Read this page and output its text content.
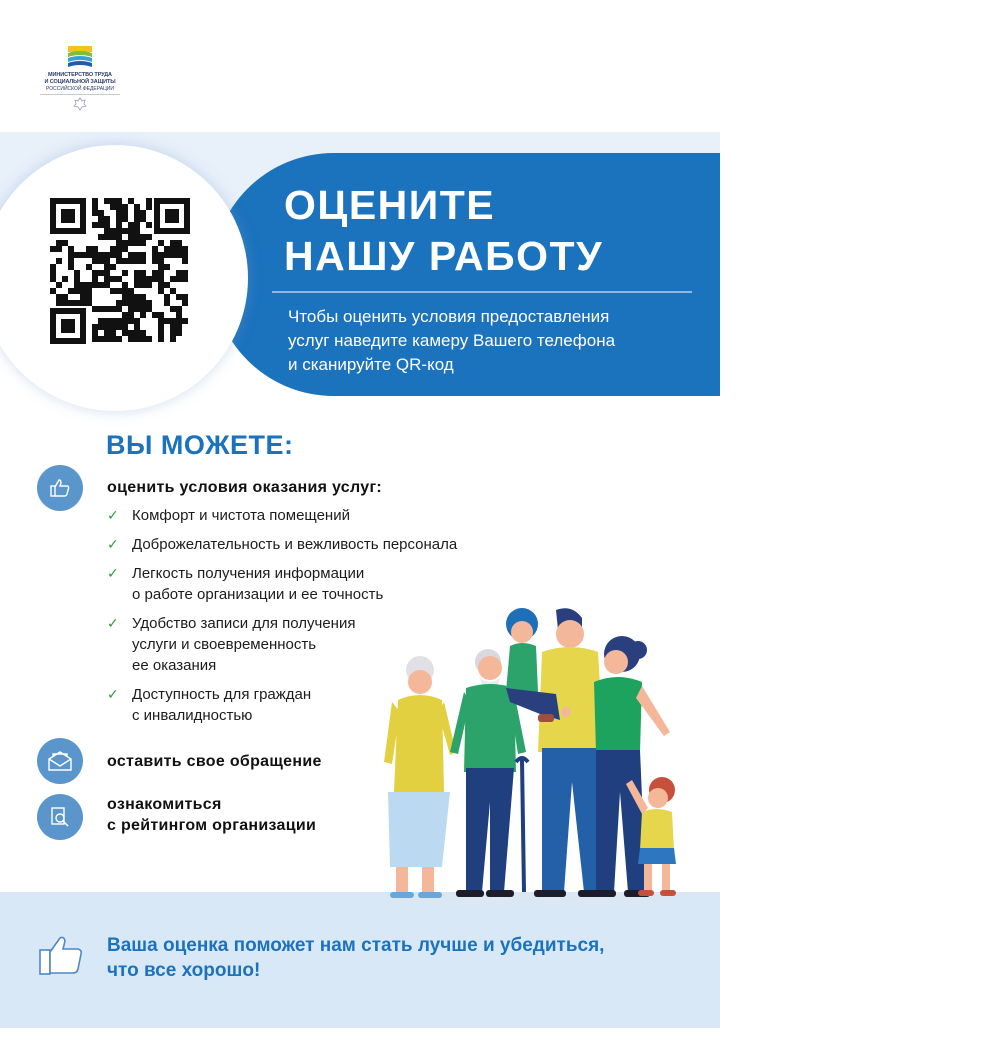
МИНИСТЕРСТВО ТРУДА
И СОЦИАЛЬНОЙ ЗАЩИТЫ
РОССИЙСКОЙ ФЕДЕРАЦИИ
ОЦЕНИТЕ
НАШУ РАБОТУ
Чтобы оценить условия предоставления
услуг наведите камеру Вашего телефона
и сканируйте QR-код
ВЫ МОЖЕТЕ:
оценить условия оказания услуг:
✓ Комфорт и чистота помещений
✓ Доброжелательность и вежливость персонала
✓ Легкость получения информации
о работе организации и ее точность
✓ Удобство записи для получения
услуги и своевременность
ее оказания
✓ Доступность для граждан
с инвалидностью
оставить свое обращение
ознакомиться
с рейтингом организации
Ваша оценка поможет нам стать лучше и убедиться,
что все хорошо!
